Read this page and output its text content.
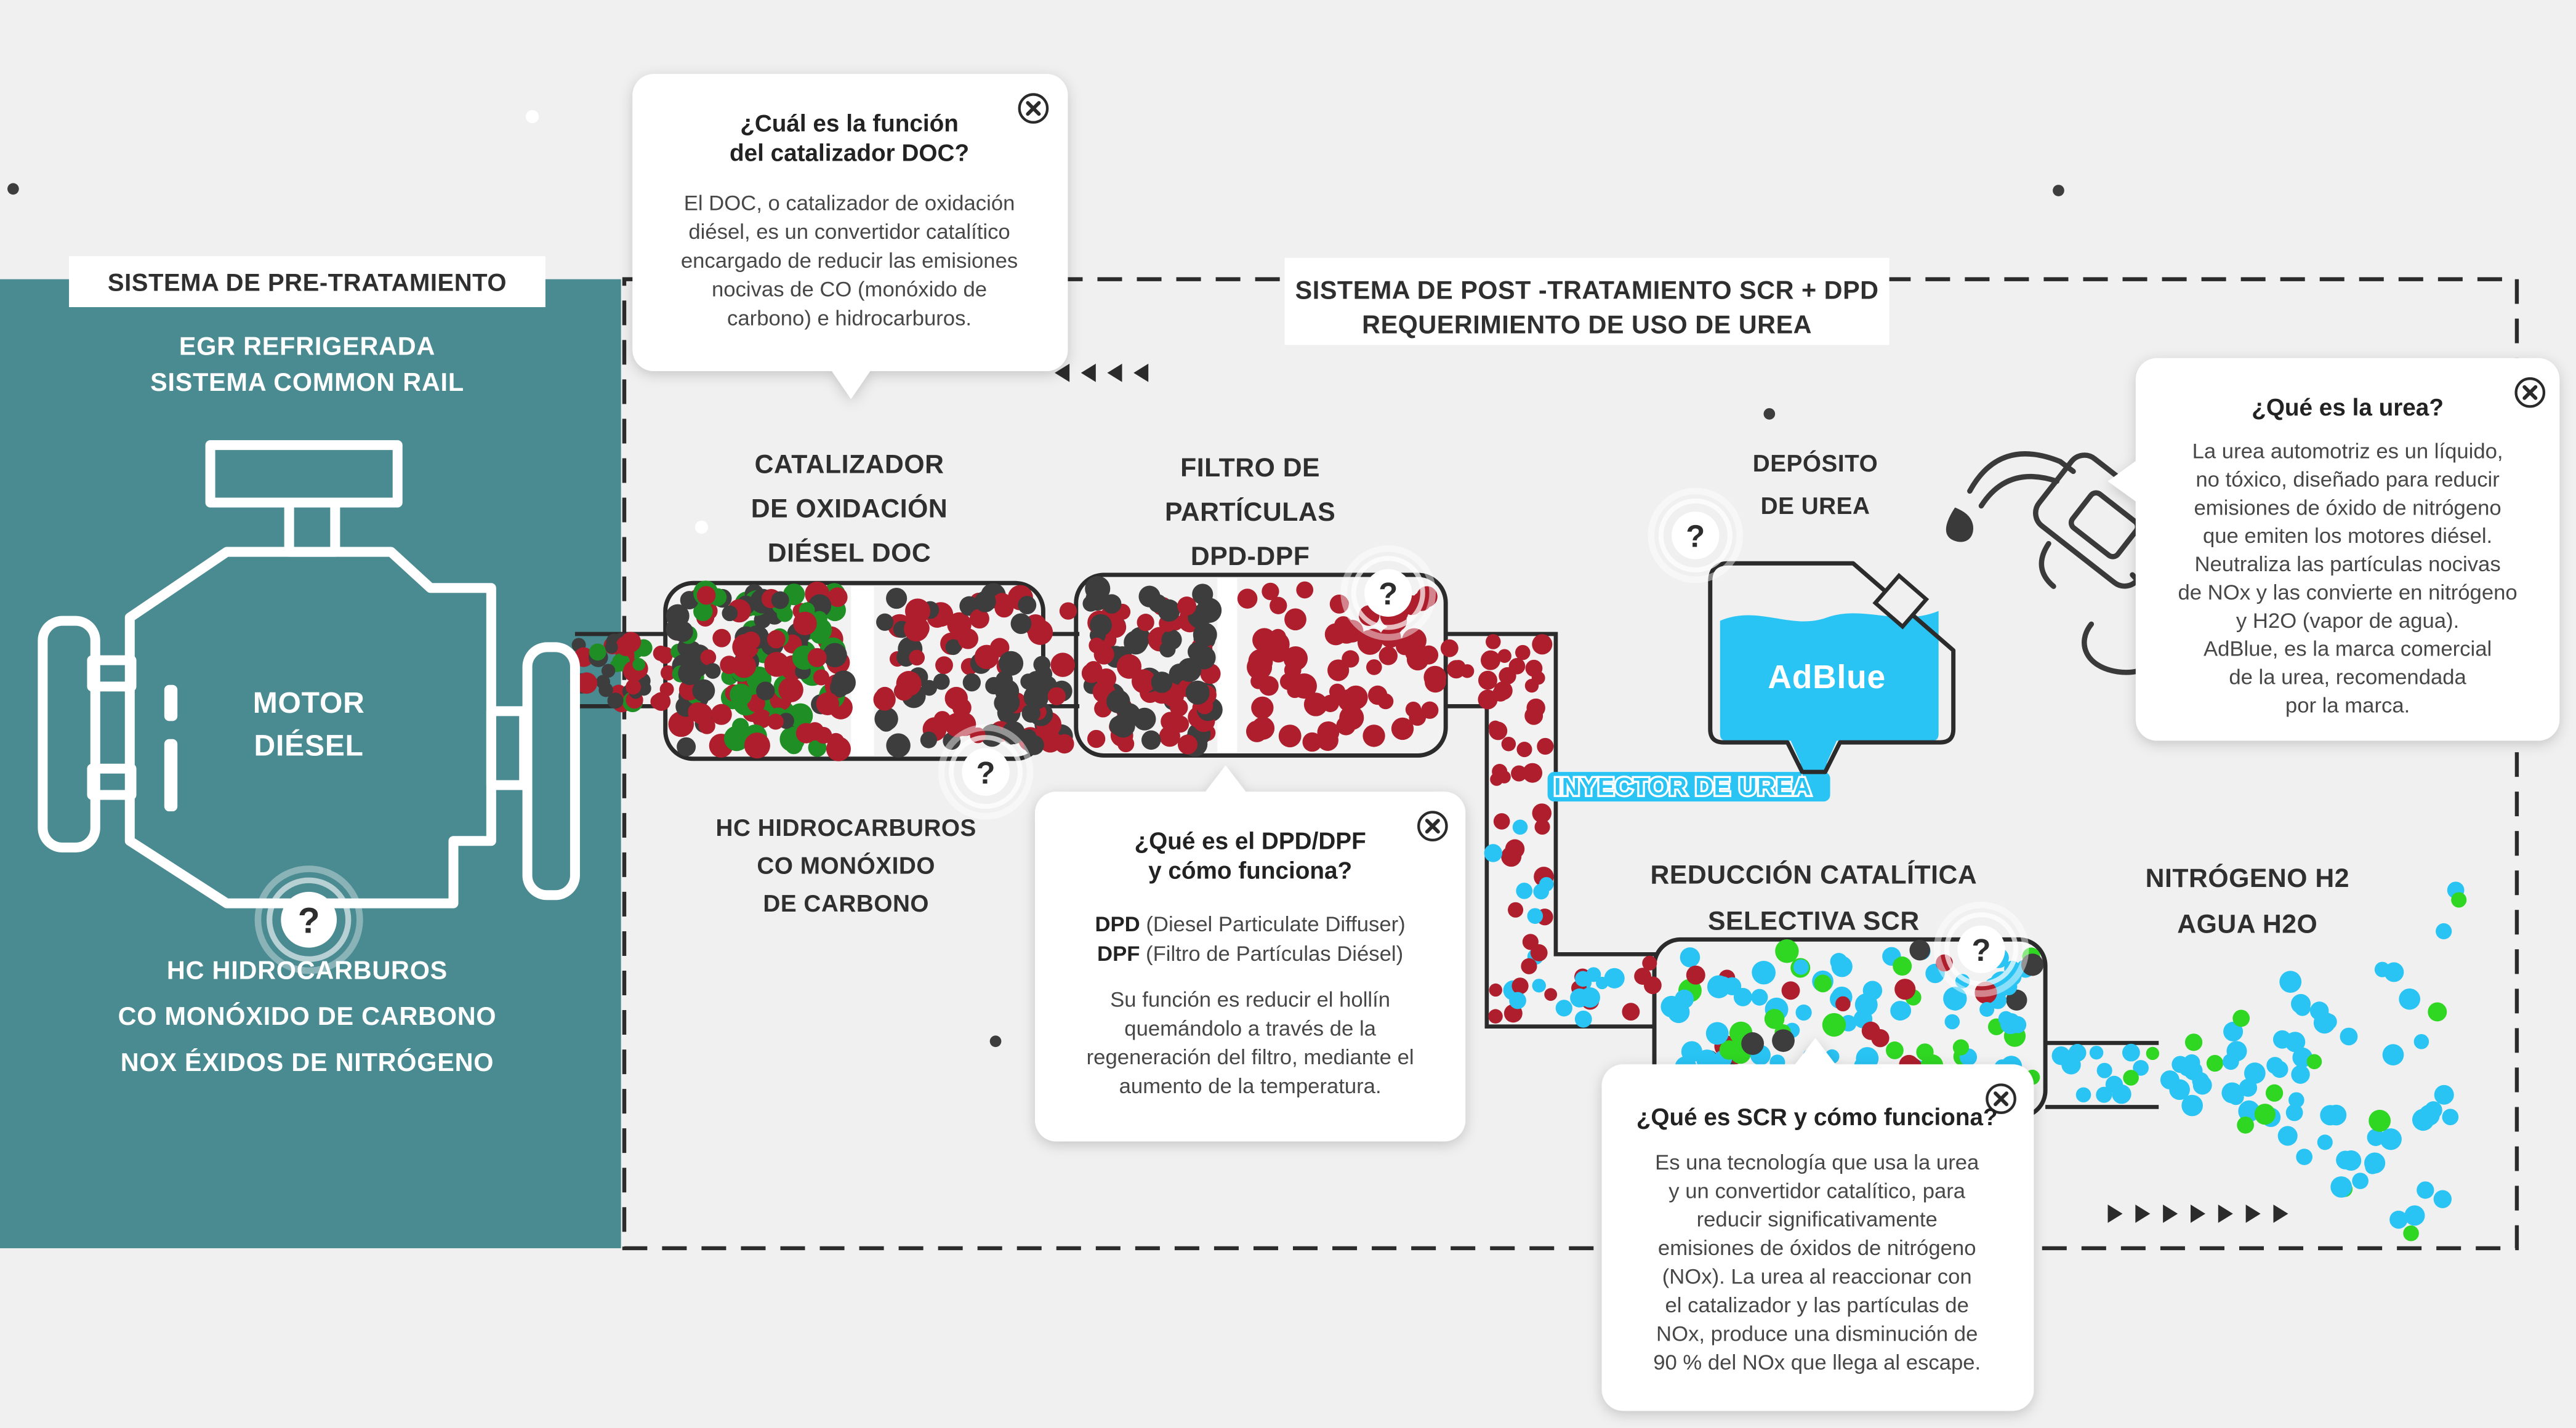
AdBlue
MOTOR
DIÉSEL
?
?
?
?
?
EGR REFRIGERADA
SISTEMA COMMON RAIL
HC HIDROCARBUROS
CO MONÓXIDO DE CARBONO
NOX ÉXIDOS DE NITRÓGENO
CATALIZADOR
DE OXIDACIÓN
DIÉSEL DOC
FILTRO DE
PARTÍCULAS
DPD-DPF
HC HIDROCARBUROS
CO MONÓXIDO
DE CARBONO
DEPÓSITO
DE UREA
REDUCCIÓN CATALÍTICA
SELECTIVA SCR
NITRÓGENO H2
AGUA H2O
INYECTOR DE UREA
SISTEMA DE PRE-TRATAMIENTO	SISTEMA DE POST -TRATAMIENTO SCR + DPD
REQUERIMIENTO DE USO DE UREA
¿Cuál es la función
del catalizador DOC?
El DOC, o catalizador de oxidación
diésel, es un convertidor catalítico
encargado de reducir las emisiones
nocivas de CO (monóxido de
carbono) e hidrocarburos.
¿Qué es el DPD/DPF
y cómo funciona?
DPD (Diesel Particulate Diffuser)
DPF (Filtro de Partículas Diésel)
Su función es reducir el hollín
quemándolo a través de la
regeneración del filtro, mediante el
aumento de la temperatura.
¿Qué es la urea?
La urea automotriz es un líquido,
no tóxico, diseñado para reducir
emisiones de óxido de nitrógeno
que emiten los motores diésel.
Neutraliza las partículas nocivas
de NOx y las convierte en nitrógeno
y H2O (vapor de agua).
AdBlue, es la marca comercial
de la urea, recomendada
por la marca.
¿Qué es SCR y cómo funciona?
Es una tecnología que usa la urea
y un convertidor catalítico, para
reducir significativamente
emisiones de óxidos de nitrógeno
(NOx). La urea al reaccionar con
el catalizador y las partículas de
NOx, produce una disminución de
90 % del NOx que llega al escape.
